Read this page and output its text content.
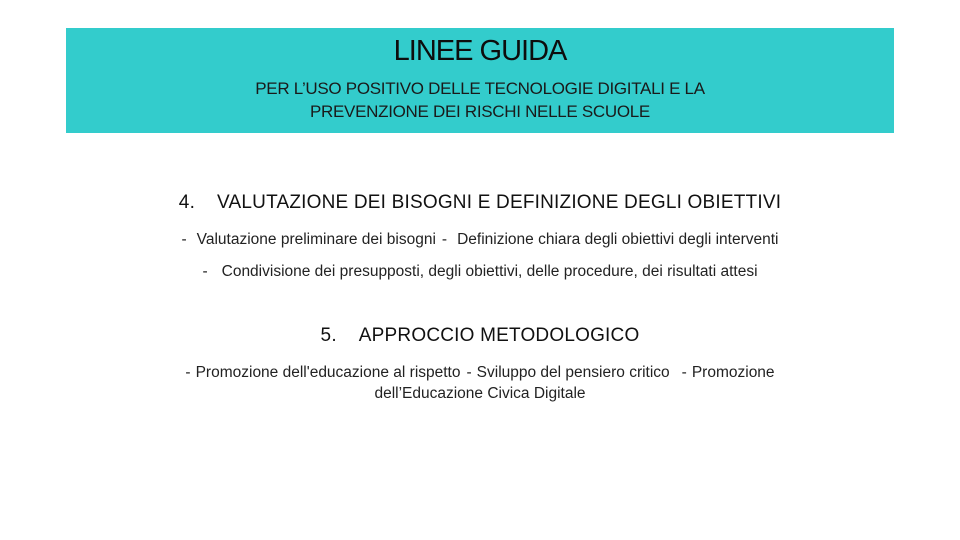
LINEE GUIDA
PER L’USO POSITIVO DELLE TECNOLOGIE DIGITALI E LA
PREVENZIONE DEI RISCHI NELLE SCUOLE
4. VALUTAZIONE DEI BISOGNI E DEFINIZIONE DEGLI OBIETTIVI
- Valutazione preliminare dei bisogni - Definizione chiara degli obiettivi degli interventi
- Condivisione dei presupposti, degli obiettivi, delle procedure, dei risultati attesi
5. APPROCCIO METODOLOGICO
- Promozione dell'educazione al rispetto - Sviluppo del pensiero critico - Promozione
dell’Educazione Civica Digitale
